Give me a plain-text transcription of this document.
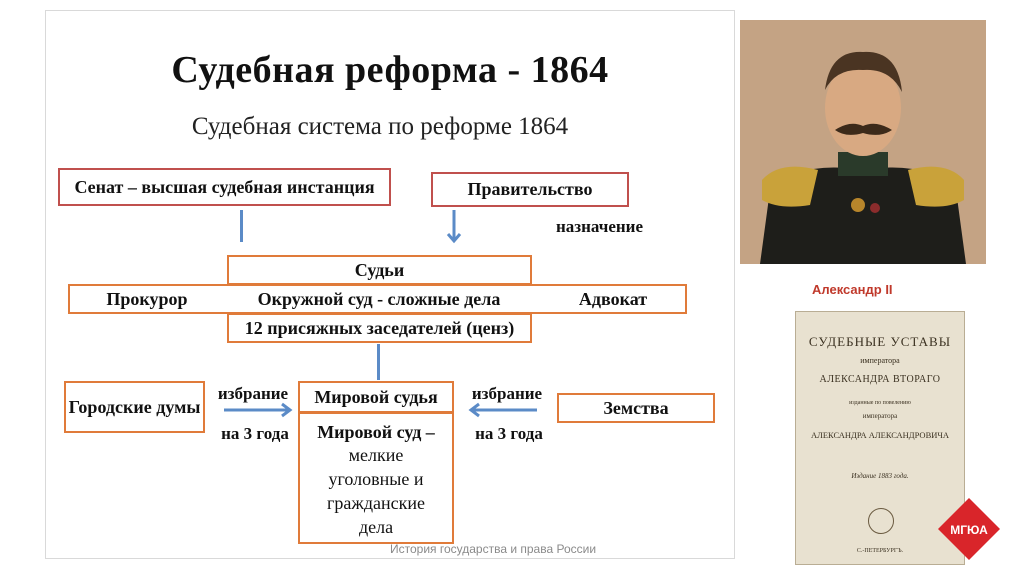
Судебная реформа - 1864
Судебная система по реформе 1864
Сенат – высшая судебная инстанция	Правительство
назначение
Судьи
Прокурор	Окружной суд - сложные дела	Адвокат
12 присяжных заседателей (ценз)
Городские думы
избрание
на 3 года
Мировой судья
Мировой суд –
мелкие уголовные и гражданские дела
избрание
на 3 года
Земства
История государства и права России
Александр II
СУДЕБНЫЕ УСТАВЫ
императора
АЛЕКСАНДРА ВТОРАГО
изданные по повелению
императора
АЛЕКСАНДРА АЛЕКСАНДРОВИЧА
Издание 1883 года.
С.-ПЕТЕРБУРГЪ.
МГЮА
